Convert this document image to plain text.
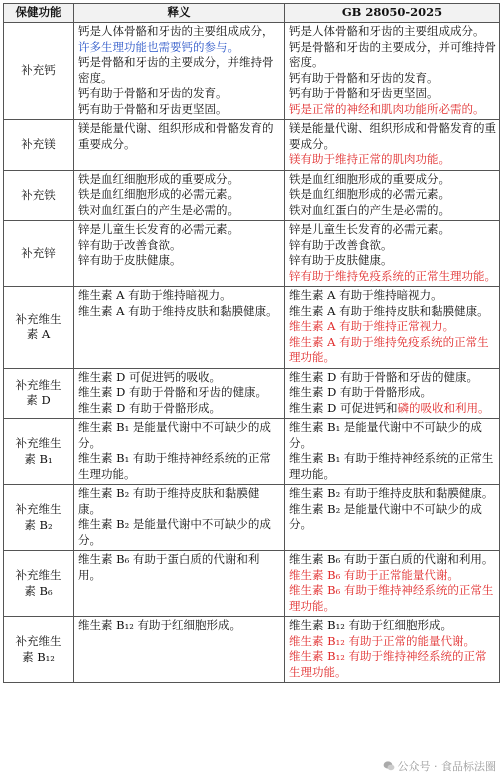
保健功能	释义	GB 28050-2025

补充钙	钙是人体骨骼和牙齿的主要组成成分，
许多生理功能也需要钙的参与。
钙是骨骼和牙齿的主要成分，并维持骨密度。
钙有助于骨骼和牙齿的发育。
钙有助于骨骼和牙齿更坚固。	钙是人体骨骼和牙齿的主要组成成分。
钙是骨骼和牙齿的主要成分，并可维持骨密度。
钙有助于骨骼和牙齿的发育。
钙有助于骨骼和牙齿更坚固。
钙是正常的神经和肌肉功能所必需的。

补充镁	镁是能量代谢、组织形成和骨骼发育的重要成分。	镁是能量代谢、组织形成和骨骼发育的重要成分。
镁有助于维持正常的肌肉功能。

补充铁	铁是血红细胞形成的重要成分。
铁是血红细胞形成的必需元素。
铁对血红蛋白的产生是必需的。	铁是血红细胞形成的重要成分。
铁是血红细胞形成的必需元素。
铁对血红蛋白的产生是必需的。

补充锌	锌是儿童生长发育的必需元素。
锌有助于改善食欲。
锌有助于皮肤健康。	锌是儿童生长发育的必需元素。
锌有助于改善食欲。
锌有助于皮肤健康。
锌有助于维持免疫系统的正常生理功能。

补充维生
素 A	维生素 A 有助于维持暗视力。
维生素 A 有助于维持皮肤和黏膜健康。	维生素 A 有助于维持暗视力。
维生素 A 有助于维持皮肤和黏膜健康。
维生素 A 有助于维持正常视力。
维生素 A 有助于维持免疫系统的正常生理功能。

补充维生
素 D	维生素 D 可促进钙的吸收。
维生素 D 有助于骨骼和牙齿的健康。
维生素 D 有助于骨骼形成。	维生素 D 有助于骨骼和牙齿的健康。
维生素 D 有助于骨骼形成。
维生素 D 可促进钙和磷的吸收和利用。

补充维生
素 B₁	维生素 B₁ 是能量代谢中不可缺少的成分。
维生素 B₁ 有助于维持神经系统的正常生理功能。	维生素 B₁ 是能量代谢中不可缺少的成分。
维生素 B₁ 有助于维持神经系统的正常生理功能。

补充维生
素 B₂	维生素 B₂ 有助于维持皮肤和黏膜健康。
维生素 B₂ 是能量代谢中不可缺少的成分。	维生素 B₂ 有助于维持皮肤和黏膜健康。
维生素 B₂ 是能量代谢中不可缺少的成分。

补充维生
素 B₆	维生素 B₆ 有助于蛋白质的代谢和利用。	维生素 B₆ 有助于蛋白质的代谢和利用。
维生素 B₆ 有助于正常能量代谢。
维生素 B₆ 有助于维持神经系统的正常生理功能。

补充维生
素 B₁₂	维生素 B₁₂ 有助于红细胞形成。	维生素 B₁₂ 有助于红细胞形成。
维生素 B₁₂ 有助于正常的能量代谢。
维生素 B₁₂ 有助于维持神经系统的正常生理功能。
公众号 · 食品标法圈
